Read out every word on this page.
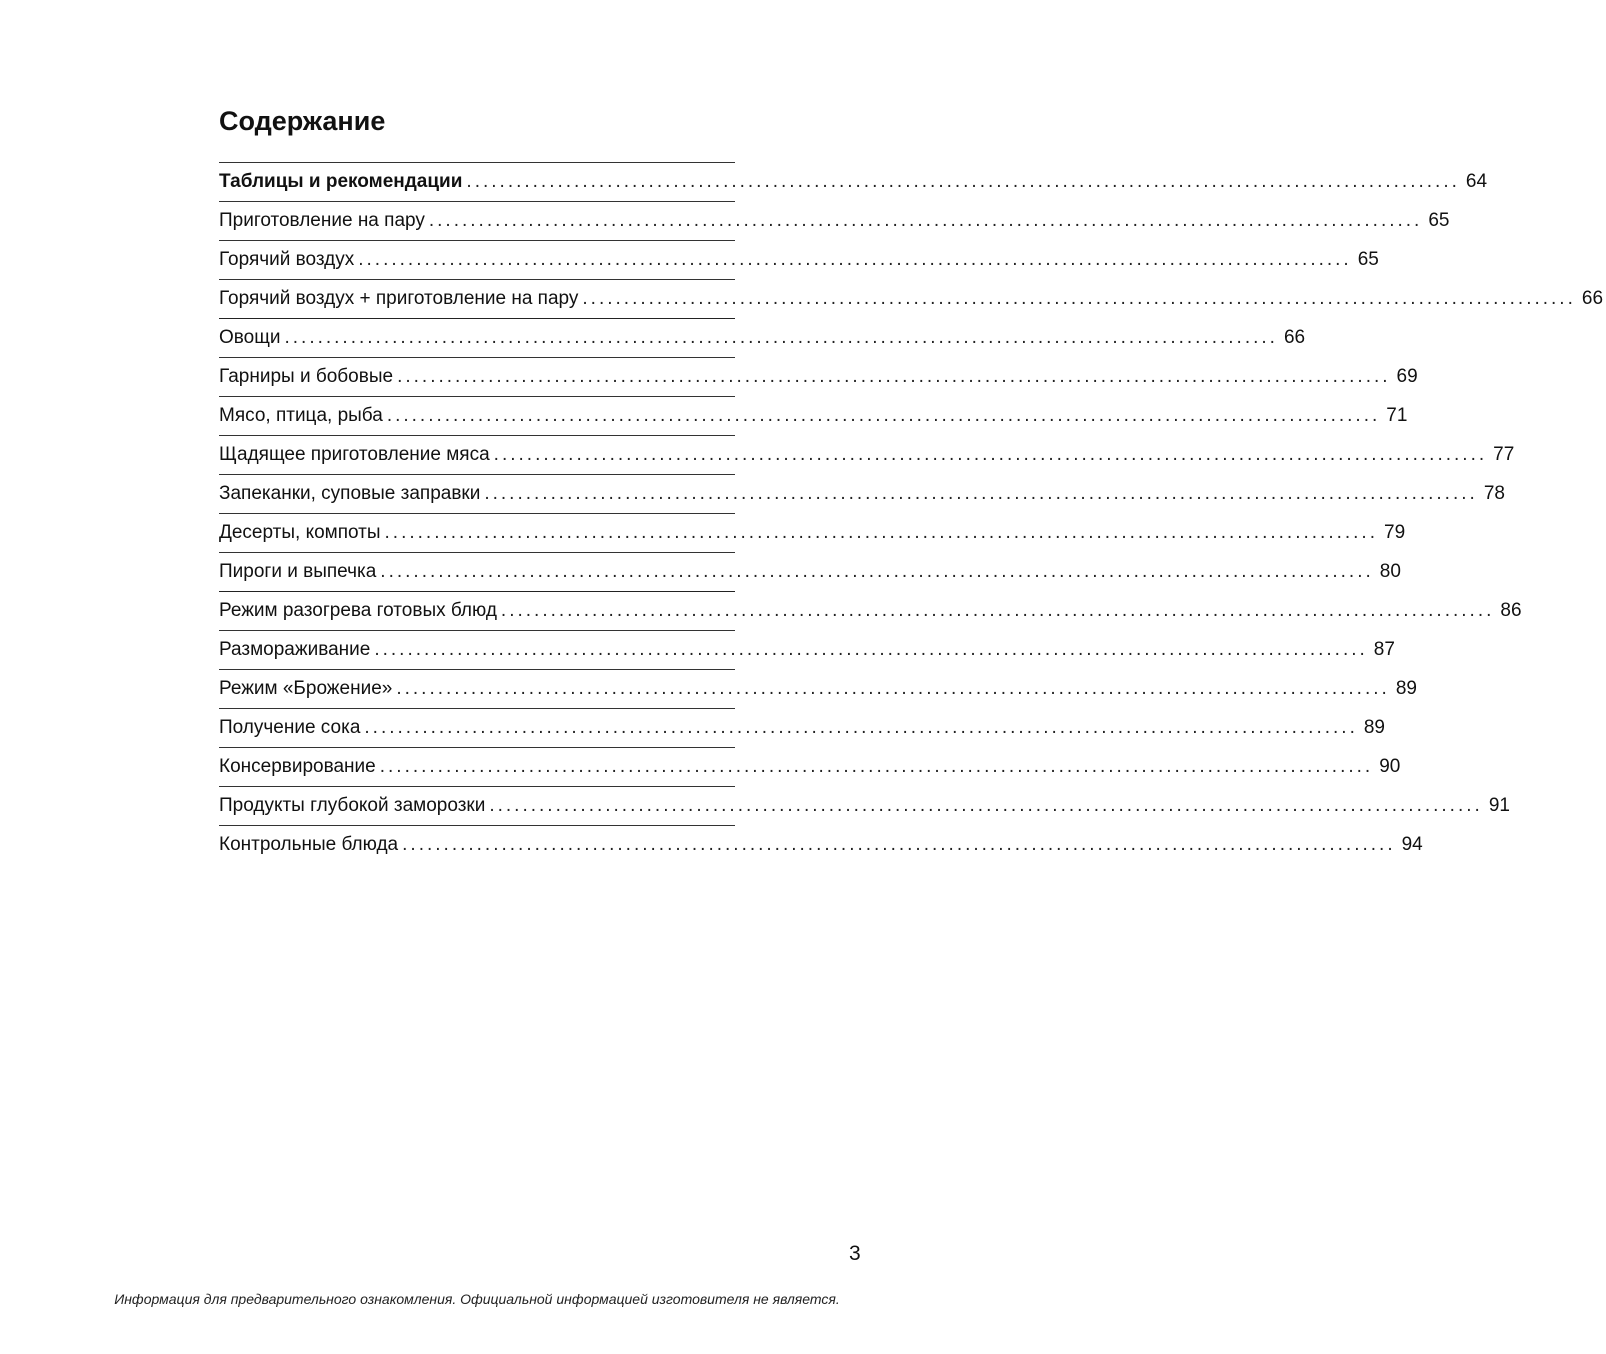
Содержание
Таблицы и рекомендации ........................................................................................................................ 64
Приготовление на пару ........................................................................................................................ 65
Горячий воздух ........................................................................................................................ 65
Горячий воздух + приготовление на пару ........................................................................................................................ 66
Овощи ........................................................................................................................ 66
Гарниры и бобовые ........................................................................................................................ 69
Мясо, птица, рыба ........................................................................................................................ 71
Щадящее приготовление мяса ........................................................................................................................ 77
Запеканки, суповые заправки ........................................................................................................................ 78
Десерты, компоты ........................................................................................................................ 79
Пироги и выпечка ........................................................................................................................ 80
Режим разогрева готовых блюд ........................................................................................................................ 86
Размораживание ........................................................................................................................ 87
Режим «Брожение» ........................................................................................................................ 89
Получение сока ........................................................................................................................ 89
Консервирование ........................................................................................................................ 90
Продукты глубокой заморозки ........................................................................................................................ 91
Контрольные блюда ........................................................................................................................ 94
3
Информация для предварительного ознакомления. Официальной информацией изготовителя не является.
